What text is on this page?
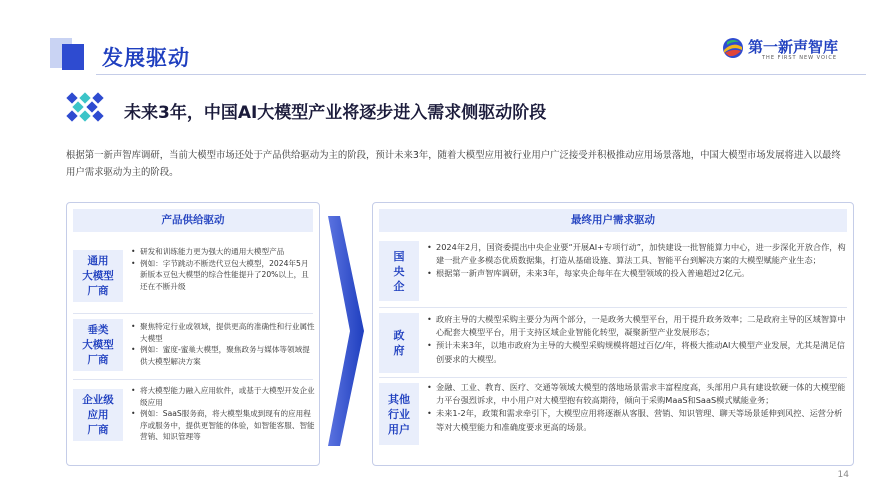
发展驱动	第一新声智库
THE FIRST NEW VOICE
未来3年，中国AI大模型产业将逐步进入需求侧驱动阶段
根据第一新声智库调研，当前大模型市场还处于产品供给驱动为主的阶段，预计未来3年，随着大模型应用被行业用户广泛接受并积极推动应用场景落地，中国大模型市场发展将进入以最终用户需求驱动为主的阶段。
产品供给驱动
通用
大模型
厂商
• 研发和训练能力更为强大的通用大模型产品
• 例如：字节跳动不断迭代豆包大模型，2024年5月新版本豆包大模型的综合性能提升了20%以上，且还在不断升级
垂类
大模型
厂商
• 聚焦特定行业或领域，提供更高的准确性和行业属性大模型
• 例如：蜜度-蜜巢大模型，聚焦政务与媒体等领域提供大模型解决方案
企业级
应用
厂商
• 将大模型能力融入应用软件，或基于大模型开发企业级应用
• 例如：SaaS服务商，将大模型集成到现有的应用程序或服务中，提供更智能的体验，如智能客服、智能营销、知识管理等
最终用户需求驱动
国
央
企
• 2024年2月，国资委提出中央企业要“开展AI+专项行动”，加快建设一批智能算力中心，进一步深化开放合作，构建一批产业多模态优质数据集，打造从基础设施、算法工具、智能平台到解决方案的大模型赋能产业生态；
• 根据第一新声智库调研，未来3年，每家央企每年在大模型领域的投入普遍超过2亿元。
政
府
• 政府主导的大模型采购主要分为两个部分，一是政务大模型平台，用于提升政务效率；二是政府主导的区域智算中心配套大模型平台，用于支持区域企业智能化转型，凝聚新型产业发展形态；
• 预计未来3年，以地市政府为主导的大模型采购规模将超过百亿/年，将极大推动AI大模型产业发展，尤其是满足信创要求的大模型。
其他
行业
用户
• 金融、工业、教育、医疗、交通等领域大模型的落地场景需求丰富程度高，头部用户具有建设软硬一体的大模型能力平台强烈诉求，中小用户对大模型抱有较高期待，倾向于采购MaaS和SaaS模式赋能业务；
• 未来1-2年，政策和需求牵引下，大模型应用将逐渐从客服、营销、知识管理、聊天等场景延伸到风控、运营分析等对大模型能力和准确度要求更高的场景。
14
